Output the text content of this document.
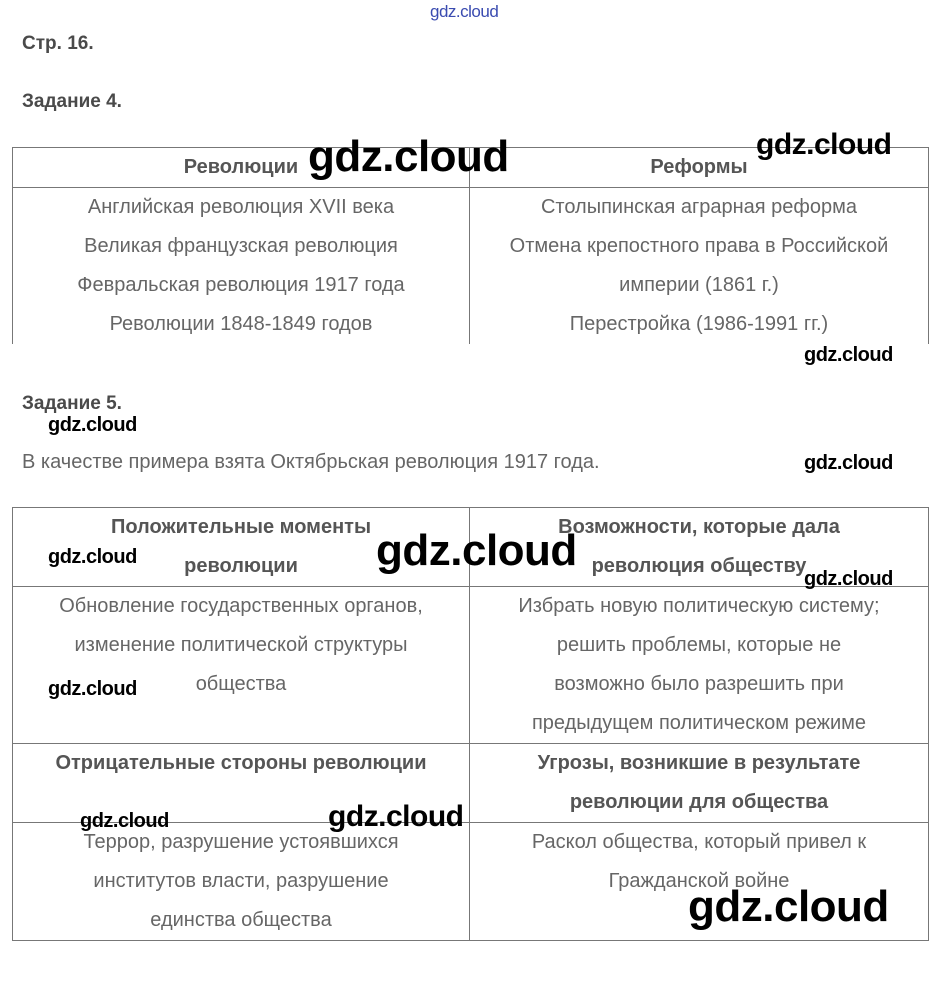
gdz.cloud
Стр. 16.
Задание 4.
Революции	Реформы

Английская революция XVII века
Великая французская революция
Февральская революция 1917 года
Революции 1848-1849 годов	Столыпинская аграрная реформа
Отмена крепостного права в Российской
империи (1861 г.)
Перестройка (1986-1991 гг.)
Задание 5.
В качестве примера взята Октябрьская революция 1917 года.
Положительные моменты
революции	Возможности, которые дала
революция обществу

Обновление государственных органов,
изменение политической структуры
общества	Избрать новую политическую систему;
решить проблемы, которые не
возможно было разрешить при
предыдущем политическом режиме

Отрицательные стороны революции	Угрозы, возникшие в результате
революции для общества

Террор, разрушение устоявшихся
институтов власти, разрушение
единства общества	Раскол общества, который привел к
Гражданской войне
gdz.cloud	gdz.cloud
gdz.cloud
gdz.cloud
gdz.cloud
gdz.cloud	gdz.cloud
gdz.cloud
gdz.cloud
gdz.cloud	gdz.cloud
gdz.cloud
